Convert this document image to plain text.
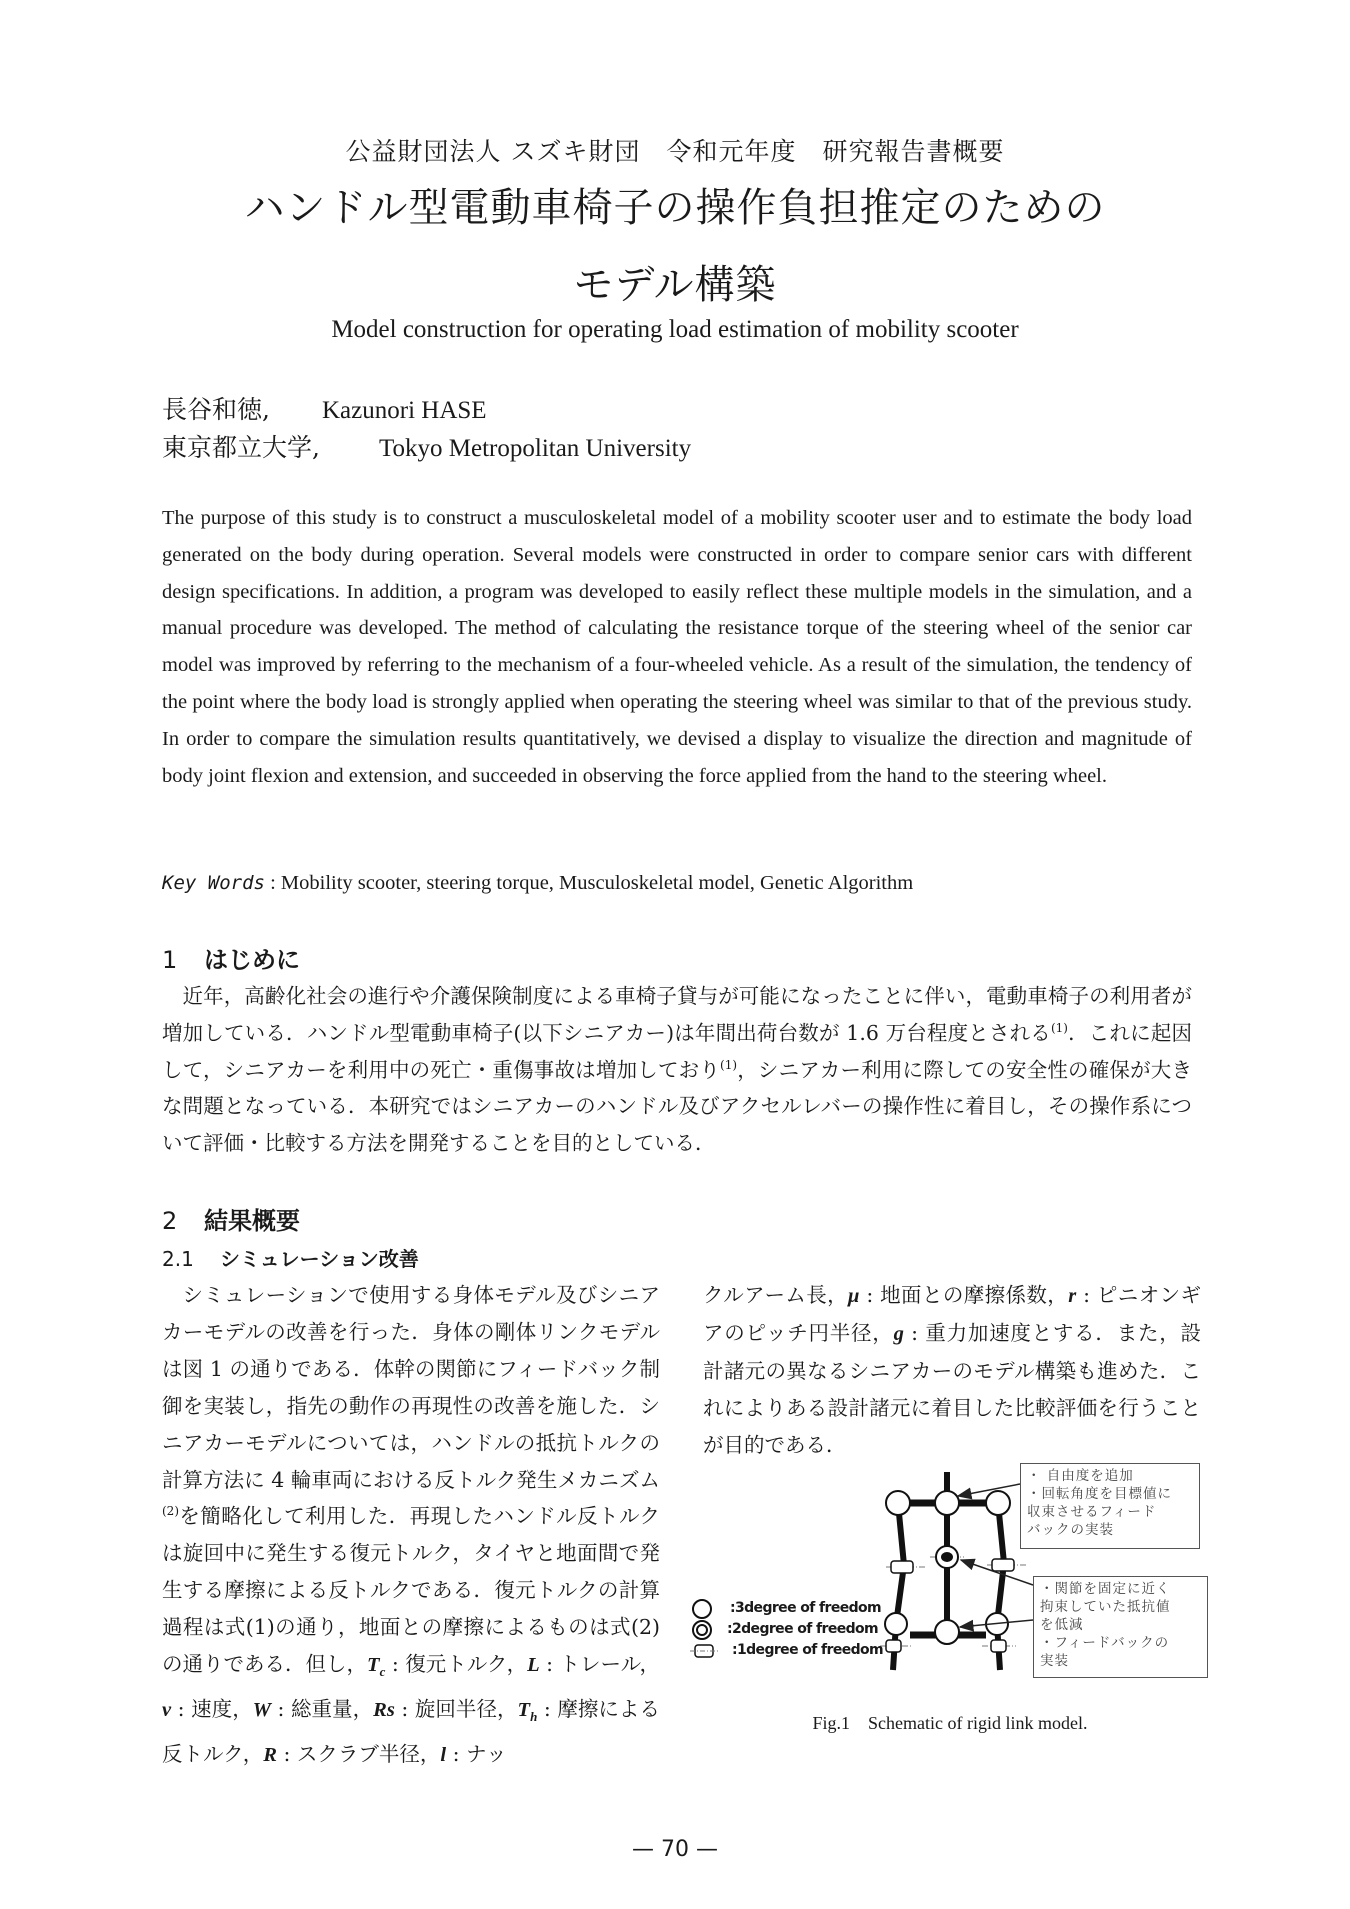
公益財団法人 スズキ財団　令和元年度　研究報告書概要
ハンドル型電動車椅子の操作負担推定のための
モデル構築
Model construction for operating load estimation of mobility scooter
長谷和徳, Kazunori HASE
東京都立大学, Tokyo Metropolitan University
The purpose of this study is to construct a musculoskeletal model of a mobility scooter user and to estimate the body load generated on the body during operation. Several models were constructed in order to compare senior cars with different design specifications. In addition, a program was developed to easily reflect these multiple models in the simulation, and a manual procedure was developed. The method of calculating the resistance torque of the steering wheel of the senior car model was improved by referring to the mechanism of a four-wheeled vehicle. As a result of the simulation, the tendency of the point where the body load is strongly applied when operating the steering wheel was similar to that of the previous study. In order to compare the simulation results quantitatively, we devised a display to visualize the direction and magnitude of body joint flexion and extension, and succeeded in observing the force applied from the hand to the steering wheel.
Key Words : Mobility scooter, steering torque, Musculoskeletal model, Genetic Algorithm
1 はじめに
近年，高齢化社会の進行や介護保険制度による車椅子貸与が可能になったことに伴い，電動車椅子の利用者が増加している．ハンドル型電動車椅子(以下シニアカー)は年間出荷台数が 1.6 万台程度とされる$^{(1)}$．これに起因して，シニアカーを利用中の死亡・重傷事故は増加しており$^{(1)}$，シニアカー利用に際しての安全性の確保が大きな問題となっている．本研究ではシニアカーのハンドル及びアクセルレバーの操作性に着目し，その操作系について評価・比較する方法を開発することを目的としている．
2 結果概要
2.1 シミュレーション改善
シミュレーションで使用する身体モデル及びシニアカーモデルの改善を行った．身体の剛体リンクモデルは図 1 の通りである．体幹の関節にフィードバック制御を実装し，指先の動作の再現性の改善を施した．シニアカーモデルについては，ハンドルの抵抗トルクの計算方法に 4 輪車両における反トルク発生メカニズム$^{(2)}$を簡略化して利用した．再現したハンドル反トルクは旋回中に発生する復元トルク，タイヤと地面間で発生する摩擦による反トルクである．復元トルクの計算過程は式(1)の通り，地面との摩擦によるものは式(2)の通りである．但し，$T_c$ : 復元トルク，L : トレール，v : 速度，W : 総重量，Rs : 旋回半径，$T_h$ : 摩擦による反トルク，R : スクラブ半径，l : ナッ
クルアーム長，μ : 地面との摩擦係数，r : ピニオンギアのピッチ円半径，g : 重力加速度とする．また，設計諸元の異なるシニアカーのモデル構築も進めた．これによりある設計諸元に着目した比較評価を行うことが目的である．
:3degree of freedom
:2degree of freedom
:1degree of freedom
・ 自由度を追加
・回転角度を目標値に
収束させるフィード
バックの実装
・関節を固定に近く
拘束していた抵抗値
を低減
・フィードバックの
実装
Fig.1    Schematic of rigid link model.
— 70 —
